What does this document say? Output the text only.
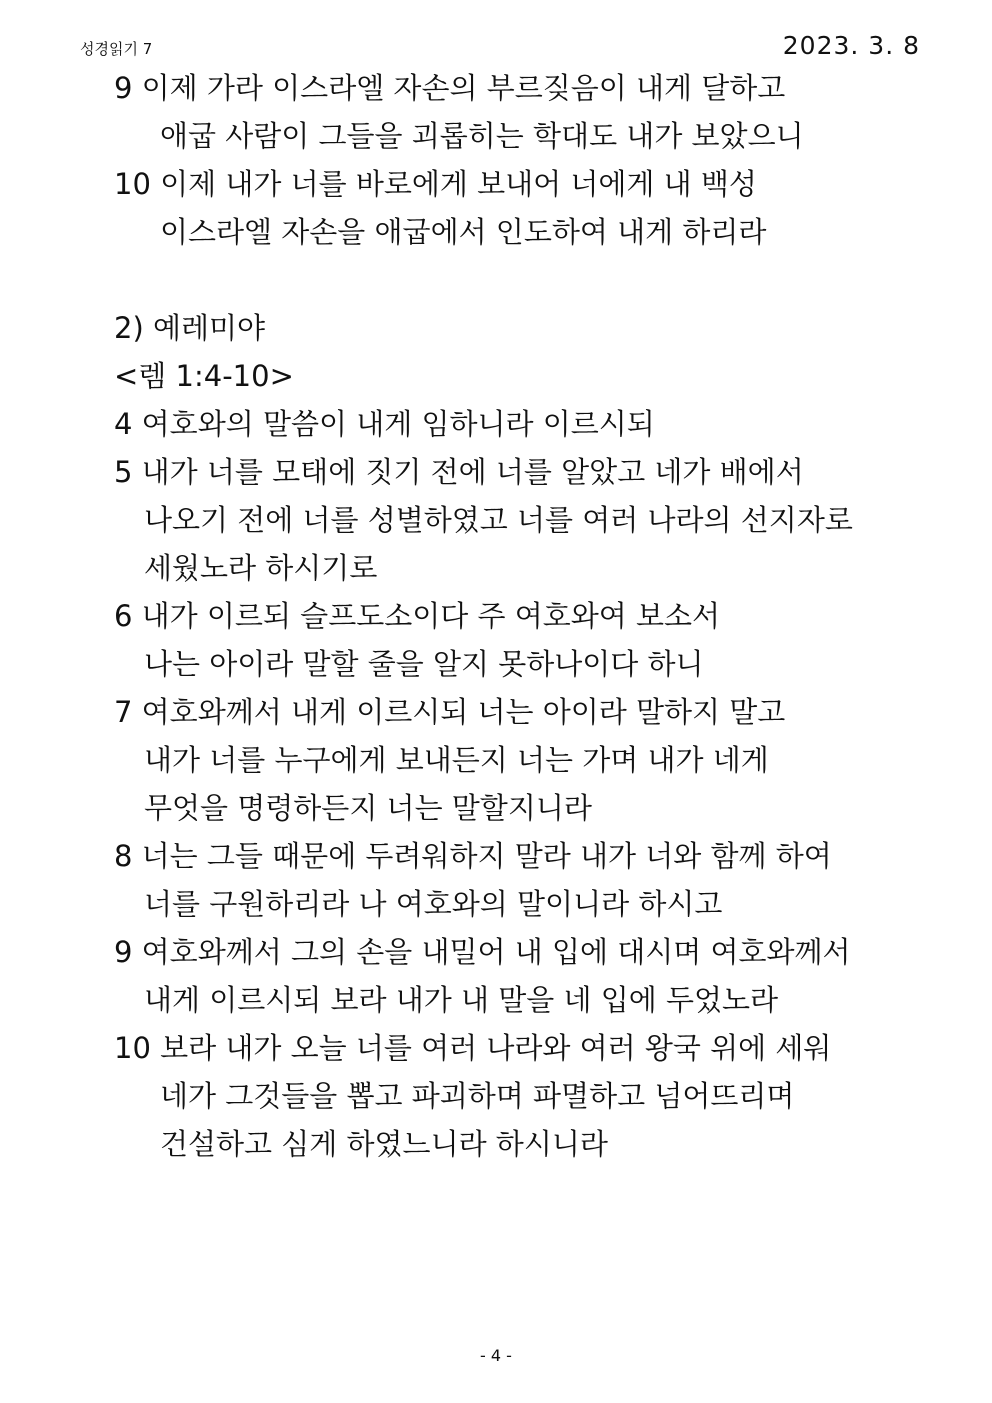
성경읽기 7	2023. 3. 8
9 이제 가라 이스라엘 자손의 부르짖음이 내게 달하고
애굽 사람이 그들을 괴롭히는 학대도 내가 보았으니
10 이제 내가 너를 바로에게 보내어 너에게 내 백성
이스라엘 자손을 애굽에서 인도하여 내게 하리라
2) 예레미야
<렘 1:4-10>
4 여호와의 말씀이 내게 임하니라 이르시되
5 내가 너를 모태에 짓기 전에 너를 알았고 네가 배에서
나오기 전에 너를 성별하였고 너를 여러 나라의 선지자로
세웠노라 하시기로
6 내가 이르되 슬프도소이다 주 여호와여 보소서
나는 아이라 말할 줄을 알지 못하나이다 하니
7 여호와께서 내게 이르시되 너는 아이라 말하지 말고
내가 너를 누구에게 보내든지 너는 가며 내가 네게
무엇을 명령하든지 너는 말할지니라
8 너는 그들 때문에 두려워하지 말라 내가 너와 함께 하여
너를 구원하리라 나 여호와의 말이니라 하시고
9 여호와께서 그의 손을 내밀어 내 입에 대시며 여호와께서
내게 이르시되 보라 내가 내 말을 네 입에 두었노라
10 보라 내가 오늘 너를 여러 나라와 여러 왕국 위에 세워
네가 그것들을 뽑고 파괴하며 파멸하고 넘어뜨리며
건설하고 심게 하였느니라 하시니라
- 4 -
